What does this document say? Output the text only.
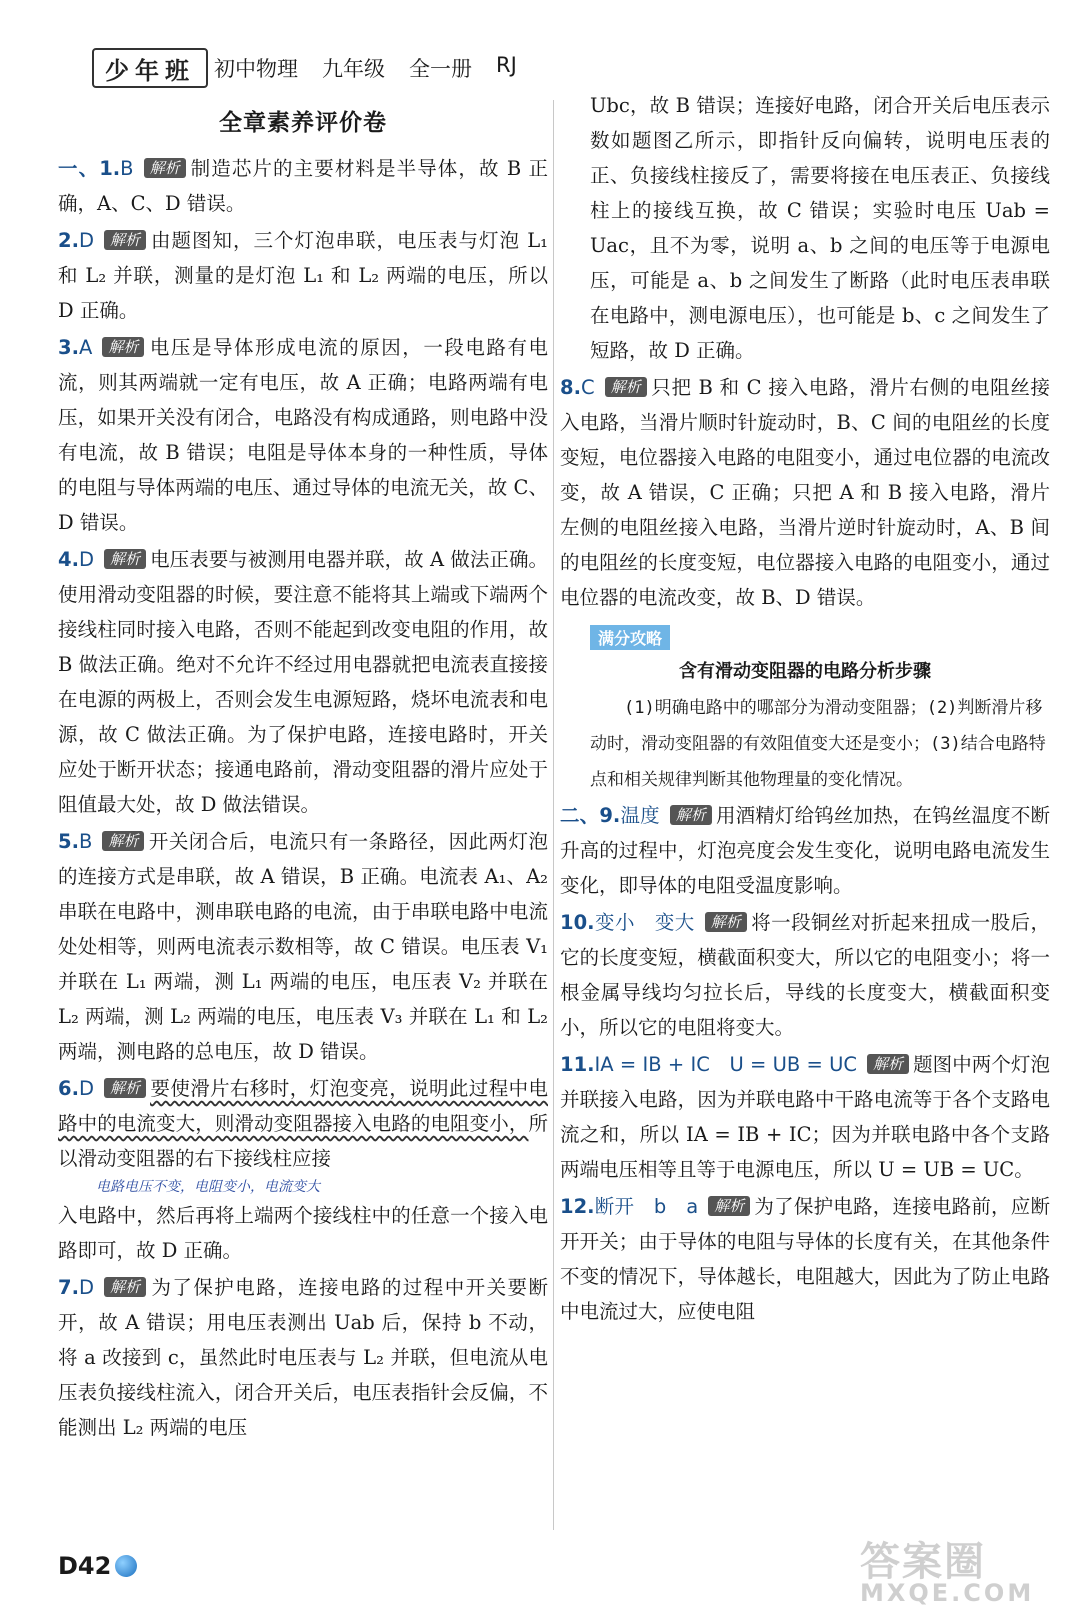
少年班 初中物理 九年级 全一册 RJ
全章素养评价卷
一、1.B 解析 制造芯片的主要材料是半导体，故 B 正确，A、C、D 错误。
2.D 解析 由题图知，三个灯泡串联，电压表与灯泡 L₁ 和 L₂ 并联，测量的是灯泡 L₁ 和 L₂ 两端的电压，所以 D 正确。
3.A 解析 电压是导体形成电流的原因，一段电路有电流，则其两端就一定有电压，故 A 正确；电路两端有电压，如果开关没有闭合，电路没有构成通路，则电路中没有电流，故 B 错误；电阻是导体本身的一种性质，导体的电阻与导体两端的电压、通过导体的电流无关，故 C、D 错误。
4.D 解析 电压表要与被测用电器并联，故 A 做法正确。使用滑动变阻器的时候，要注意不能将其上端或下端两个接线柱同时接入电路，否则不能起到改变电阻的作用，故 B 做法正确。绝对不允许不经过用电器就把电流表直接接在电源的两极上，否则会发生电源短路，烧坏电流表和电源，故 C 做法正确。为了保护电路，连接电路时，开关应处于断开状态；接通电路前，滑动变阻器的滑片应处于阻值最大处，故 D 做法错误。
5.B 解析 开关闭合后，电流只有一条路径，因此两灯泡的连接方式是串联，故 A 错误，B 正确。电流表 A₁、A₂ 串联在电路中，测串联电路的电流，由于串联电路中电流处处相等，则两电流表示数相等，故 C 错误。电压表 V₁ 并联在 L₁ 两端，测 L₁ 两端的电压，电压表 V₂ 并联在 L₂ 两端，测 L₂ 两端的电压，电压表 V₃ 并联在 L₁ 和 L₂ 两端，测电路的总电压，故 D 错误。
6.D 解析 要使滑片右移时，灯泡变亮，说明此过程中电路中的电流变大，则滑动变阻器接入电路的电阻变小，所以滑动变阻器的右下接线柱应接
电路电压不变，电阻变小，电流变大
入电路中，然后再将上端两个接线柱中的任意一个接入电路即可，故 D 正确。
7.D 解析 为了保护电路，连接电路的过程中开关要断开，故 A 错误；用电压表测出 Uab 后，保持 b 不动，将 a 改接到 c，虽然此时电压表与 L₂ 并联，但电流从电压表负接线柱流入，闭合开关后，电压表指针会反偏，不能测出 L₂ 两端的电压
Ubc，故 B 错误；连接好电路，闭合开关后电压表示数如题图乙所示，即指针反向偏转，说明电压表的正、负接线柱接反了，需要将接在电压表正、负接线柱上的接线互换，故 C 错误；实验时电压 Uab = Uac，且不为零，说明 a、b 之间的电压等于电源电压，可能是 a、b 之间发生了断路（此时电压表串联在电路中，测电源电压），也可能是 b、c 之间发生了短路，故 D 正确。
8.C 解析 只把 B 和 C 接入电路，滑片右侧的电阻丝接入电路，当滑片顺时针旋动时，B、C 间的电阻丝的长度变短，电位器接入电路的电阻变小，通过电位器的电流改变，故 A 错误，C 正确；只把 A 和 B 接入电路，滑片左侧的电阻丝接入电路，当滑片逆时针旋动时，A、B 间的电阻丝的长度变短，电位器接入电路的电阻变小，通过电位器的电流改变，故 B、D 错误。
满分攻略
含有滑动变阻器的电路分析步骤
(1)明确电路中的哪部分为滑动变阻器；(2)判断滑片移动时，滑动变阻器的有效阻值变大还是变小；(3)结合电路特点和相关规律判断其他物理量的变化情况。
二、9.温度 解析 用酒精灯给钨丝加热，在钨丝温度不断升高的过程中，灯泡亮度会发生变化，说明电路电流发生变化，即导体的电阻受温度影响。
10.变小　变大 解析 将一段铜丝对折起来扭成一股后，它的长度变短，横截面积变大，所以它的电阻变小；将一根金属导线均匀拉长后，导线的长度变大，横截面积变小，所以它的电阻将变大。
11.IA = IB + IC　U = UB = UC 解析 题图中两个灯泡并联接入电路，因为并联电路中干路电流等于各个支路电流之和，所以 IA = IB + IC；因为并联电路中各个支路两端电压相等且等于电源电压，所以 U = UB = UC。
12.断开　b　a 解析 为了保护电路，连接电路前，应断开开关；由于导体的电阻与导体的长度有关，在其他条件不变的情况下，导体越长，电阻越大，因此为了防止电路中电流过大，应使电阻
D42	答案圈
MXQE.COM
